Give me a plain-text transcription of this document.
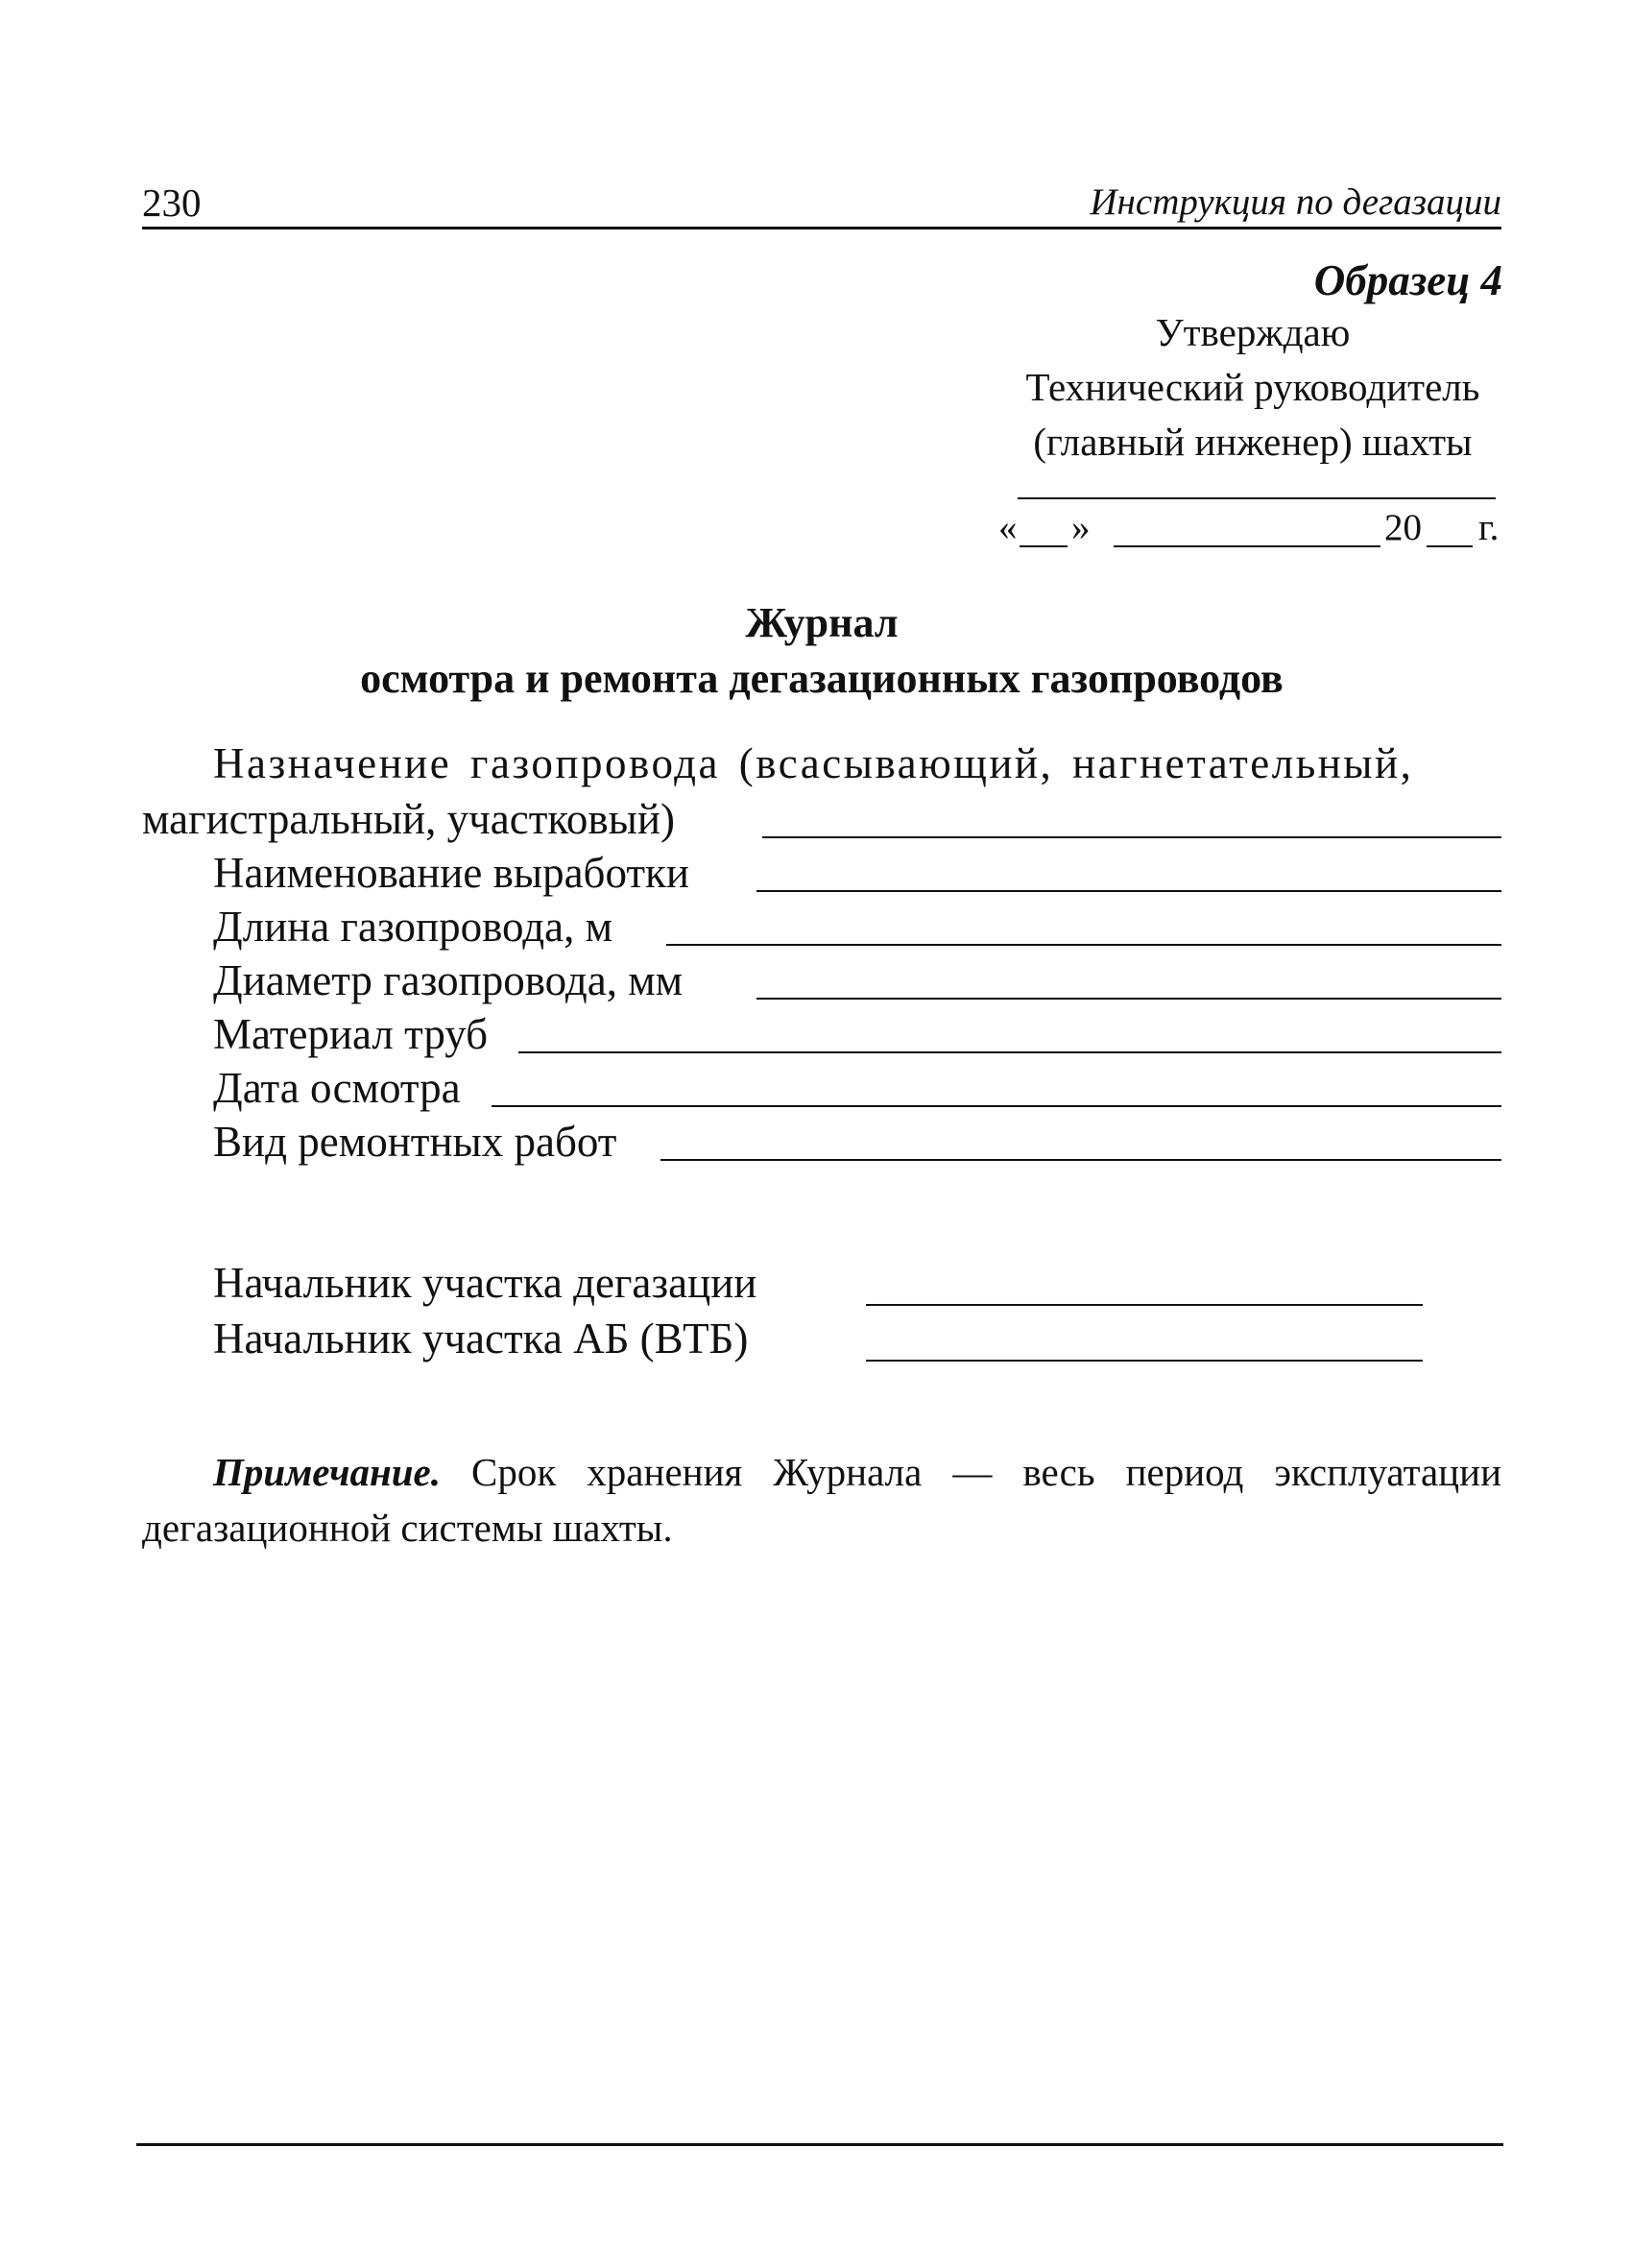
230	Инструкция по дегазации
Образец 4
Утверждаю
Технический руководитель
(главный инженер) шахты
« »	20 г.
Журнал
осмотра и ремонта дегазационных газопроводов
Назначение газопровода (всасывающий, нагнетательный,
магистральный, участковый)
Наименование выработки
Длина газопровода, м
Диаметр газопровода, мм
Материал труб
Дата осмотра
Вид ремонтных работ
Начальник участка дегазации
Начальник участка АБ (ВТБ)
Примечание. Срок хранения Журнала — весь период эксплуатации дегазационной системы шахты.
